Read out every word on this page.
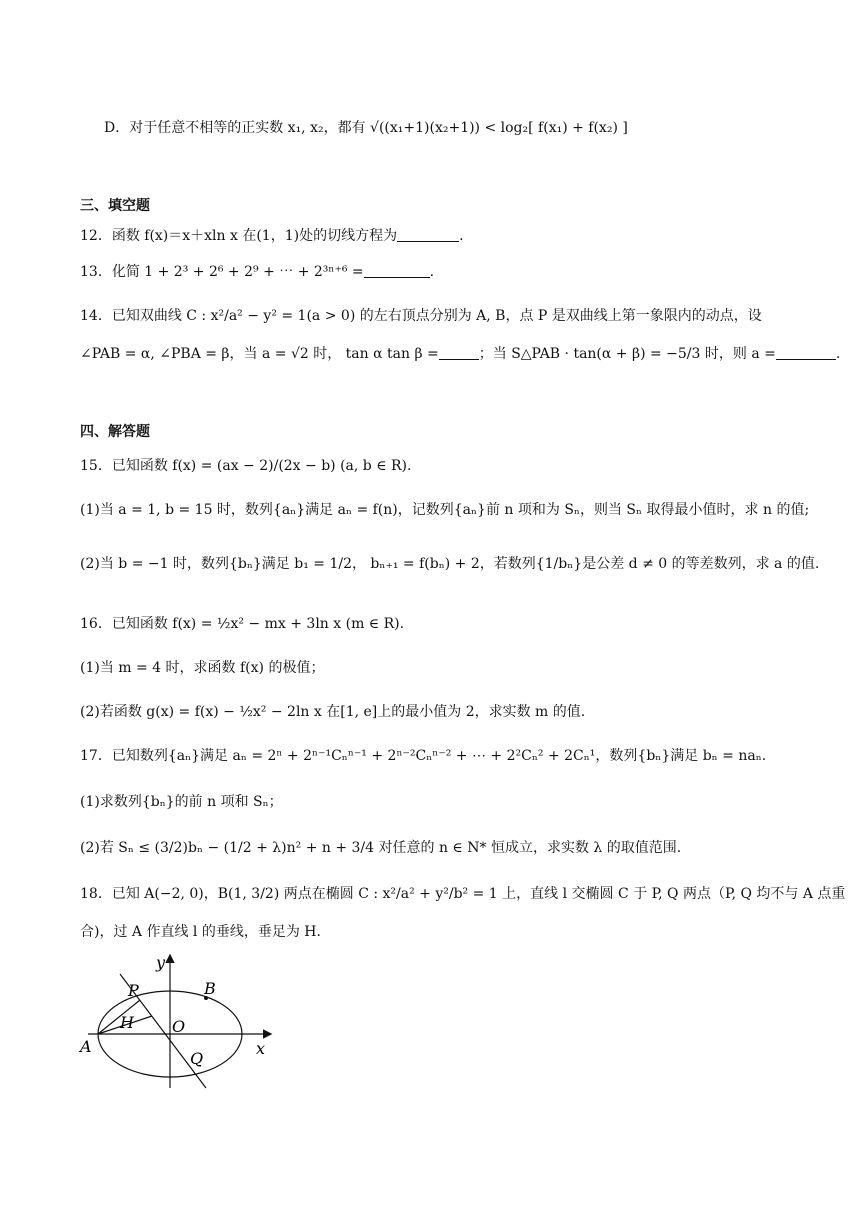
D．对于任意不相等的正实数 x₁, x₂，都有 √((x₁+1)(x₂+1)) < log₂[ f(x₁) + f(x₂) ]
三、填空题
12．函数 f(x)＝x＋xln x 在(1，1)处的切线方程为	.
13．化简 1 + 2³ + 2⁶ + 2⁹ + ⋯ + 2³ⁿ⁺⁶ =	.
14．已知双曲线 C : x²/a² − y² = 1(a > 0) 的左右顶点分别为 A, B，点 P 是双曲线上第一象限内的动点，设
∠PAB = α, ∠PBA = β，当 a = √2 时， tan α tan β =	；当 S△PAB · tan(α + β) = −5/3 时，则 a =	.
四、解答题
15．已知函数 f(x) = (ax − 2)/(2x − b) (a, b ∈ R).
(1)当 a = 1, b = 15 时，数列{aₙ}满足 aₙ = f(n)，记数列{aₙ}前 n 项和为 Sₙ，则当 Sₙ 取得最小值时，求 n 的值;
(2)当 b = −1 时，数列{bₙ}满足 b₁ = 1/2， bₙ₊₁ = f(bₙ) + 2，若数列{1/bₙ}是公差 d ≠ 0 的等差数列，求 a 的值.
16．已知函数 f(x) = ½x² − mx + 3ln x (m ∈ R).
(1)当 m = 4 时，求函数 f(x) 的极值；
(2)若函数 g(x) = f(x) − ½x² − 2ln x 在[1, e]上的最小值为 2，求实数 m 的值.
17．已知数列{aₙ}满足 aₙ = 2ⁿ + 2ⁿ⁻¹Cₙⁿ⁻¹ + 2ⁿ⁻²Cₙⁿ⁻² + ⋯ + 2²Cₙ² + 2Cₙ¹，数列{bₙ}满足 bₙ = naₙ.
(1)求数列{bₙ}的前 n 项和 Sₙ；
(2)若 Sₙ ≤ (3/2)bₙ − (1/2 + λ)n² + n + 3/4 对任意的 n ∈ N* 恒成立，求实数 λ 的取值范围.
18．已知 A(−2, 0)，B(1, 3/2) 两点在椭圆 C : x²/a² + y²/b² = 1 上，直线 l 交椭圆 C 于 P, Q 两点（P, Q 均不与 A 点重
合)，过 A 作直线 l 的垂线，垂足为 H.
y
x
P	B
H O
A
Q
